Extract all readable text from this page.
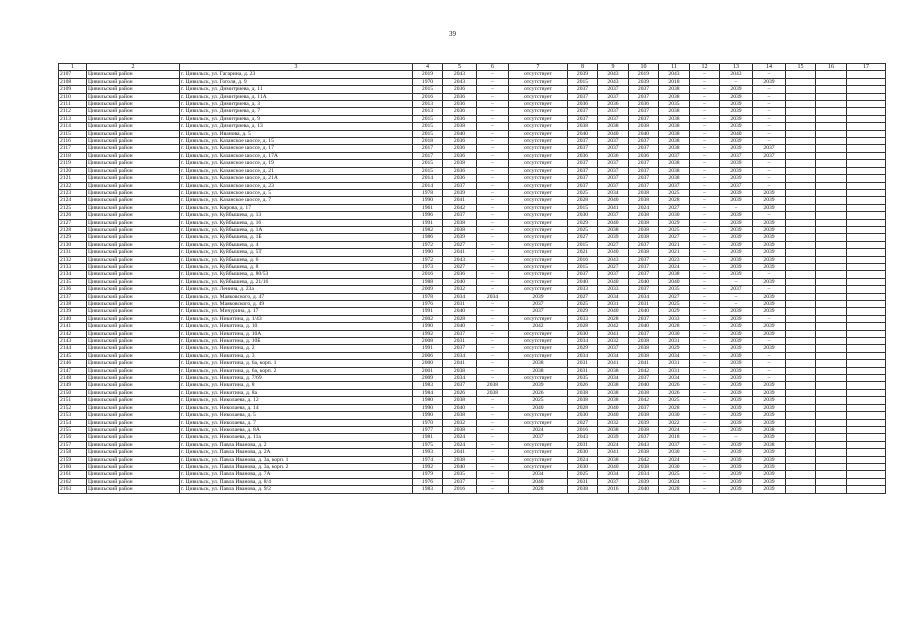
39
1	2	3	4	5	6	7	8	9	10	11	12	13	14	15	16	17
2107	Цивильский район	г. Цивильск, ул. Гагарина, д. 23	2019	2043	–	отсутствует	2039	2043	2019	2043	–	2043	–			
2108	Цивильский район	г. Цивильск, ул. Гоголя, д. 9	1970	2043	–	отсутствует	2015	2043	2039	2018	–	–	2039			
2109	Цивильский район	г. Цивильск, ул. Димитриева, д. 11	2015	2036	–	отсутствует	2037	2037	2037	2038	–	2039	–			
2110	Цивильский район	г. Цивильск, ул. Димитриева, д. 11А	2016	2036	–	отсутствует	2037	2037	2037	2038	–	2039	–			
2111	Цивильский район	г. Цивильск, ул. Димитриева, д. 3	2013	2036	–	отсутствует	2036	2036	2036	2035	–	2039	–			
2112	Цивильский район	г. Цивильск, ул. Димитриева, д. 7	2013	2036	–	отсутствует	2037	2037	2037	2038	–	2039	–			
2113	Цивильский район	г. Цивильск, ул. Димитриева, д. 9	2015	2036	–	отсутствует	2037	2037	2037	2038	–	2039	–			
2114	Цивильский район	г. Цивильск, ул. Димитриева, д. 13	2015	2038	–	отсутствует	2038	2038	2038	2038	–	2039	–			
2115	Цивильский район	г. Цивильск, ул. Иванова, д. 5	2015	2040	–	отсутствует	2040	2040	2040	2038	–	2040	–			
2116	Цивильский район	г. Цивильск, ул. Казанское шоссе, д. 15	2018	2036	–	отсутствует	2037	2037	2037	2038	–	2039	–			
2117	Цивильский район	г. Цивильск, ул. Казанское шоссе, д. 17	2017	2036	–	отсутствует	2037	2037	2037	2038	–	2039	2037			
2118	Цивильский район	г. Цивильск, ул. Казанское шоссе, д. 17А	2017	2036	–	отсутствует	2036	2036	2036	2037	–	2037	2037			
2119	Цивильский район	г. Цивильск, ул. Казанское шоссе, д. 19	2015	2038	–	отсутствует	2037	2037	2037	2038	–	2039	–			
2120	Цивильский район	г. Цивильск, ул. Казанское шоссе, д. 21	2015	2036	–	отсутствует	2037	2037	2037	2038	–	2039	–			
2121	Цивильский район	г. Цивильск, ул. Казанское шоссе, д. 21А	2014	2036	–	отсутствует	2037	2037	2037	2038	–	2039	–			
2122	Цивильский район	г. Цивильск, ул. Казанское шоссе, д. 23	2014	2037	–	отсутствует	2037	2037	2037	2037	–	2037	–			
2123	Цивильский район	г. Цивильск, ул. Казанское шоссе, д. 5	1978	2039	–	отсутствует	2025	2034	2038	2025	–	2039	2039			
2124	Цивильский район	г. Цивильск, ул. Казанское шоссе, д. 7	1990	2041	–	отсутствует	2028	2040	2038	2028	–	2039	2039			
2125	Цивильский район	г. Цивильск, ул. Кирова, д. 17	1961	2042	–	отсутствует	2015	2041	2024	2027	–	–	2039			
2126	Цивильский район	г. Цивильск, ул. Куйбышева, д. 13	1996	2037	–	отсутствует	2030	2037	2038	2030	–	2039	–			
2127	Цивильский район	г. Цивильск, ул. Куйбышева, д. 16	1991	2038	–	отсутствует	2029	2040	2038	2029	–	2039	2039			
2128	Цивильский район	г. Цивильск, ул. Куйбышева, д. 1А	1982	2038	–	отсутствует	2025	2038	2038	2025	–	2039	2039			
2129	Цивильский район	г. Цивильск, ул. Куйбышева, д. 1Б	1986	2039	–	отсутствует	2027	2039	2038	2027	–	2039	2039			
2130	Цивильский район	г. Цивильск, ул. Куйбышева, д. 4	1972	2027	–	отсутствует	2015	2027	2037	2021	–	2039	2039			
2131	Цивильский район	г. Цивильск, ул. Куйбышева, д. 5Т	1990	2041	–	отсутствует	2021	2040	2038	2021	–	2039	2039			
2132	Цивильский район	г. Цивильск, ул. Куйбышева, д. 6	1972	2043	–	отсутствует	2016	2043	2037	2023	–	2039	2039			
2133	Цивильский район	г. Цивильск, ул. Куйбышева, д. 8	1973	2027	–	отсутствует	2015	2027	2037	2024	–	2039	2039			
2134	Цивильский район	г. Цивильск, ул. Куйбышева, д. 80/53	2016	2036	–	отсутствует	2037	2037	2037	2038	–	2039	–			
2135	Цивильский район	г. Цивильск, ул. Куйбышева, д. 21/16	1988	2040	–	отсутствует	2040	2040	2040	2040	–	–	2039			
2136	Цивильский район	г. Цивильск, ул. Ленина, д. 23а	2009	2032	–	отсутствует	2033	2033	2037	2035	–	2037	–			
2137	Цивильский район	г. Цивильск, ул. Маяковского, д. 47	1978	2034	2034	2039	2027	2034	2034	2027	–	–	2039			
2138	Цивильский район	г. Цивильск, ул. Маяковского, д. 49	1976	2031	–	2037	2025	2031	2031	2025	–	–	2039			
2139	Цивильский район	г. Цивильск, ул. Мичурина, д. 17	1991	2040	–	2037	2029	2040	2040	2029	–	2039	2039			
2140	Цивильский район	г. Цивильск, ул. Никитина, д. 1/43	2002	2028	–	отсутствует	2033	2028	2037	2033	–	2039	–			
2141	Цивильский район	г. Цивильск, ул. Никитина, д. 10	1990	2040	–	2042	2028	2042	2040	2028	–	2039	2039			
2142	Цивильский район	г. Цивильск, ул. Никитина, д. 10А	1992	2037	–	отсутствует	2030	2041	2037	2030	–	2039	2039			
2143	Цивильский район	г. Цивильск, ул. Никитина, д. 10Б	2008	2031	–	отсутствует	2034	2032	2038	2031	–	2039	–			
2144	Цивильский район	г. Цивильск, ул. Никитина, д. 2	1991	2037	–	отсутствует	2029	2037	2038	2029	–	2039	2039			
2145	Цивильский район	г. Цивильск, ул. Никитина, д. 3	2006	2034	–	отсутствует	2034	2034	2038	2034	–	2039	–			
2146	Цивильский район	г. Цивильск, ул. Никитина, д. 6а, корп. 1	2000	2041	–	2038	2031	2041	2041	2031	–	2039	–			
2147	Цивильский район	г. Цивильск, ул. Никитина, д. 6а, корп. 2	2001	2038	–	2038	2031	2038	2042	2031	–	2039	–			
2148	Цивильский район	г. Цивильск, ул. Никитина, д. 7/69	2009	2034	–	отсутствует	2035	2034	2037	2034	–	2039	–			
2149	Цивильский район	г. Цивильск, ул. Никитина, д. 8	1983	2037	2038	2039	2026	2038	2040	2026	–	2039	2039			
2150	Цивильский район	г. Цивильск, ул. Никитина, д. 8а	1984	2026	2038	2026	2038	2038	2038	2026	–	2039	2039			
2151	Цивильский район	г. Цивильск, ул. Николаева, д. 12	1980	2038	–	2025	2038	2038	2042	2025	–	2039	2039			
2152	Цивильский район	г. Цивильск, ул. Николаева, д. 14	1990	2040	–	2040	2028	2040	2037	2028	–	2039	2039			
2153	Цивильский район	г. Цивильск, ул. Николаева, д. 5	1990	2038	–	отсутствует	2030	2040	2038	2030	–	2039	2039			
2154	Цивильский район	г. Цивильск, ул. Николаева, д. 7	1970	2032	–	отсутствует	2027	2032	2039	2022	–	2039	2039			
2155	Цивильский район	г. Цивильск, ул. Николаева, д. 8А	1977	2038	–	2024	2016	2038	2038	2024	–	2039	2038			
2156	Цивильский район	г. Цивильск, ул. Николаева, д. 11а	1981	2024	–	2037	2043	2039	2037	2018	–	–	2039			
2157	Цивильский район	г. Цивильск, ул. Павла Иванова, д. 2	1975	2024	–	отсутствует	2031	2024	2043	2037	–	2039	2038			
2158	Цивильский район	г. Цивильск, ул. Павла Иванова, д. 2А	1993	2041	–	отсутствует	2030	2041	2038	2030	–	2039	2039			
2159	Цивильский район	г. Цивильск, ул. Павла Иванова, д. 3а, корп. 1	1974	2038	–	отсутствует	2024	2038	2042	2024	–	2039	2039			
2160	Цивильский район	г. Цивильск, ул. Павла Иванова, д. 3а, корп. 2	1992	2040	–	отсутствует	2030	2040	2038	2030	–	2039	2039			
2161	Цивильский район	г. Цивильск, ул. Павла Иванова, д. 7А	1979	2035	–	2034	2025	2034	2034	2025	–	2039	2039			
2162	Цивильский район	г. Цивильск, ул. Павла Иванова, д. 8/4	1976	2037	–	2040	2031	2037	2039	2024	–	2039	2039			
2163	Цивильский район	г. Цивильск, ул. Павла Иванова, д. 9/2	1983	2016	–	2028	2038	2016	2040	2028	–	2039	2039			
